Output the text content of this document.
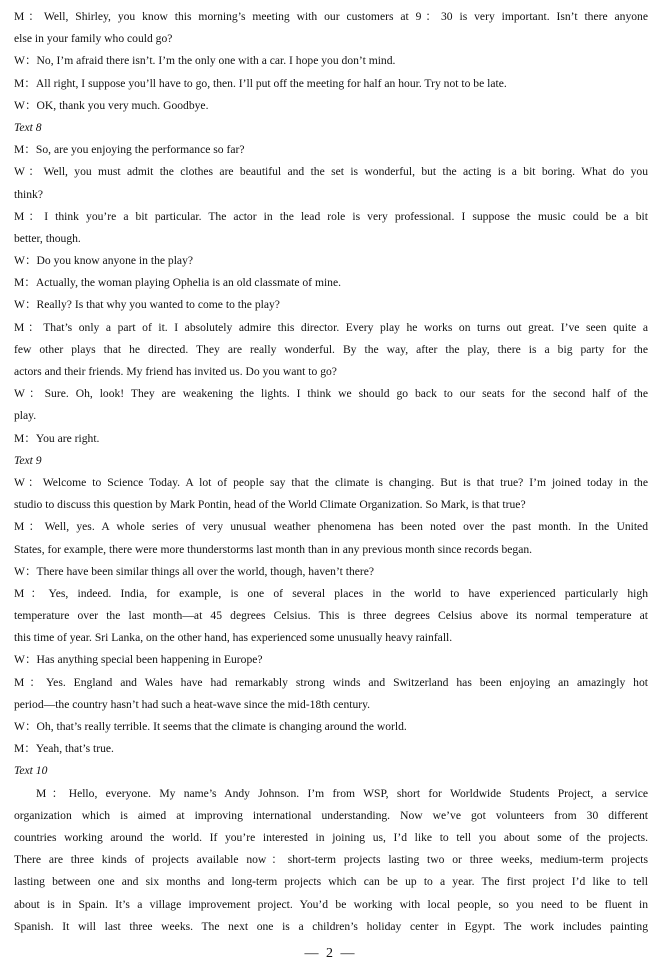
M：Well, Shirley, you know this morning’s meeting with our customers at 9：30 is very important. Isn’t there anyone
else in your family who could go?
W：No, I’m afraid there isn’t. I’m the only one with a car. I hope you don’t mind.
M：All right, I suppose you’ll have to go, then. I’ll put off the meeting for half an hour. Try not to be late.
W：OK, thank you very much. Goodbye.
Text 8
M：So, are you enjoying the performance so far?
W：Well, you must admit the clothes are beautiful and the set is wonderful, but the acting is a bit boring. What do you
think?
M：I think you’re a bit particular. The actor in the lead role is very professional. I suppose the music could be a bit
better, though.
W：Do you know anyone in the play?
M：Actually, the woman playing Ophelia is an old classmate of mine.
W：Really? Is that why you wanted to come to the play?
M：That’s only a part of it. I absolutely admire this director. Every play he works on turns out great. I’ve seen quite a
few other plays that he directed. They are really wonderful. By the way, after the play, there is a big party for the
actors and their friends. My friend has invited us. Do you want to go?
W：Sure. Oh, look! They are weakening the lights. I think we should go back to our seats for the second half of the
play.
M：You are right.
Text 9
W：Welcome to Science Today. A lot of people say that the climate is changing. But is that true? I’m joined today in the
studio to discuss this question by Mark Pontin, head of the World Climate Organization. So Mark, is that true?
M：Well, yes. A whole series of very unusual weather phenomena has been noted over the past month. In the United
States, for example, there were more thunderstorms last month than in any previous month since records began.
W：There have been similar things all over the world, though, haven’t there?
M：Yes, indeed. India, for example, is one of several places in the world to have experienced particularly high
temperature over the last month—at 45 degrees Celsius. This is three degrees Celsius above its normal temperature at
this time of year. Sri Lanka, on the other hand, has experienced some unusually heavy rainfall.
W：Has anything special been happening in Europe?
M：Yes. England and Wales have had remarkably strong winds and Switzerland has been enjoying an amazingly hot
period—the country hasn’t had such a heat-wave since the mid-18th century.
W：Oh, that’s really terrible. It seems that the climate is changing around the world.
M：Yeah, that’s true.
Text 10
M：Hello, everyone. My name’s Andy Johnson. I’m from WSP, short for Worldwide Students Project, a service
organization which is aimed at improving international understanding. Now we’ve got volunteers from 30 different
countries working around the world. If you’re interested in joining us, I’d like to tell you about some of the projects.
There are three kinds of projects available now：short-term projects lasting two or three weeks, medium-term projects
lasting between one and six months and long-term projects which can be up to a year. The first project I’d like to tell
about is in Spain. It’s a village improvement project. You’d be working with local people, so you need to be fluent in
Spanish. It will last three weeks. The next one is a children’s holiday center in Egypt. The work includes painting
— 2 —
